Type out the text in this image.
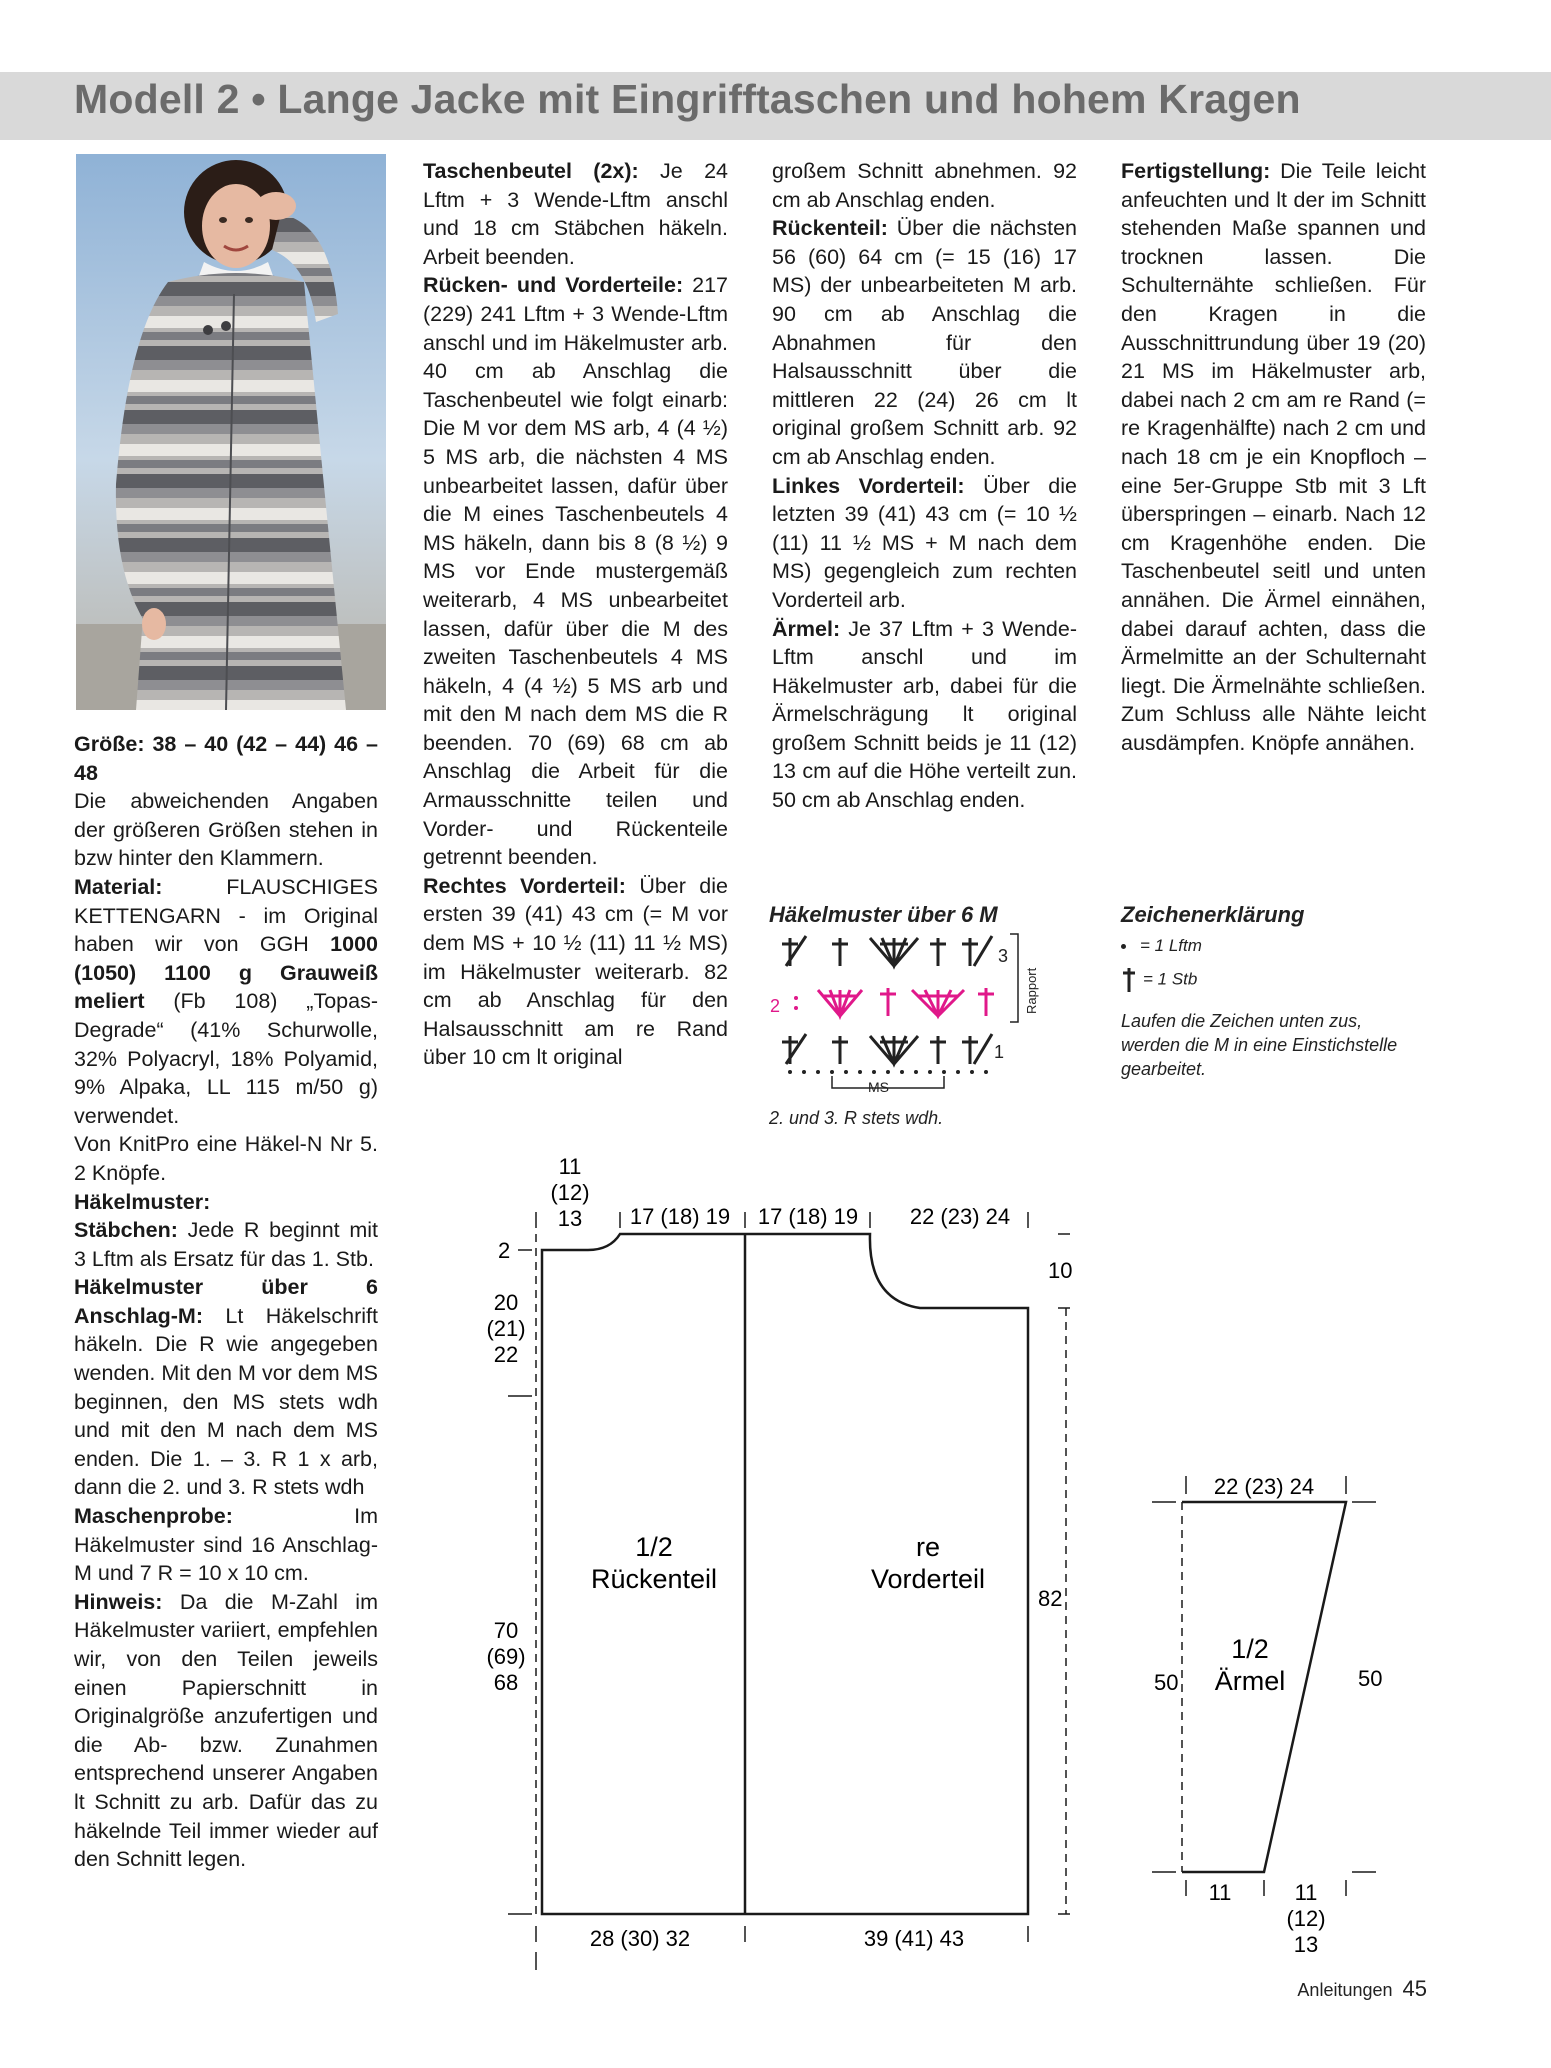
Modell 2 • Lange Jacke mit Eingrifftaschen und hohem Kragen

Größe: 38 – 40 (42 – 44) 46 – 48
Die abweichenden Angaben der größeren Größen stehen in bzw hinter den Klammern.

Material: FLAUSCHIGES KETTENGARN - im Original haben wir von GGH 1000 (1050) 1100 g Grauweiß meliert (Fb 108) „Topas-Degrade“ (41% Schurwolle, 32% Polyacryl, 18% Polyamid, 9% Alpaka, LL 115 m/50 g) verwendet.
Von KnitPro eine Häkel-N Nr 5. 2 Knöpfe.

Häkelmuster:
Stäbchen: Jede R beginnt mit 3 Lftm als Ersatz für das 1. Stb.
Häkelmuster über 6 Anschlag-M: Lt Häkelschrift häkeln. Die R wie angegeben wenden. Mit den M vor dem MS beginnen, den MS stets wdh und mit den M nach dem MS enden. Die 1. – 3. R 1 x arb, dann die 2. und 3. R stets wdh
Maschenprobe: Im Häkelmuster sind 16 Anschlag-M und 7 R = 10 x 10 cm.
Hinweis: Da die M-Zahl im Häkelmuster variiert, empfehlen wir, von den Teilen jeweils einen Papierschnitt in Originalgröße anzufertigen und die Ab- bzw. Zunahmen entsprechend unserer Angaben lt Schnitt zu arb. Dafür das zu häkelnde Teil immer wieder auf den Schnitt legen.

Taschenbeutel (2x): Je 24 Lftm + 3 Wende-Lftm anschl und 18 cm Stäbchen häkeln. Arbeit beenden.
Rücken- und Vorderteile: 217 (229) 241 Lftm + 3 Wende-Lftm anschl und im Häkelmuster arb. 40 cm ab Anschlag die Taschenbeutel wie folgt einarb: Die M vor dem MS arb, 4 (4 ½) 5 MS arb, die nächsten 4 MS unbearbeitet lassen, dafür über die M eines Taschenbeutels 4 MS häkeln, dann bis 8 (8 ½) 9 MS vor Ende mustergemäß weiterarb, 4 MS unbearbeitet lassen, dafür über die M des zweiten Taschenbeutels 4 MS häkeln, 4 (4 ½) 5 MS arb und mit den M nach dem MS die R beenden. 70 (69) 68 cm ab Anschlag die Arbeit für die Armausschnitte teilen und Vorder- und Rückenteile getrennt beenden.
Rechtes Vorderteil: Über die ersten 39 (41) 43 cm (= M vor dem MS + 10 ½ (11) 11 ½ MS) im Häkelmuster weiterarb. 82 cm ab Anschlag für den Halsausschnitt am re Rand über 10 cm lt original

großem Schnitt abnehmen. 92 cm ab Anschlag enden.
Rückenteil: Über die nächsten 56 (60) 64 cm (= 15 (16) 17 MS) der unbearbeiteten M arb. 90 cm ab Anschlag die Abnahmen für den Halsausschnitt über die mittleren 22 (24) 26 cm lt original großem Schnitt arb. 92 cm ab Anschlag enden.
Linkes Vorderteil: Über die letzten 39 (41) 43 cm (= 10 ½ (11) 11 ½ MS + M nach dem MS) gegengleich zum rechten Vorderteil arb.
Ärmel: Je 37 Lftm + 3 Wende-Lftm anschl und im Häkelmuster arb, dabei für die Ärmelschrägung lt original großem Schnitt beids je 11 (12) 13 cm auf die Höhe verteilt zun. 50 cm ab Anschlag enden.

Fertigstellung: Die Teile leicht anfeuchten und lt der im Schnitt stehenden Maße spannen und trocknen lassen. Die Schulternähte schließen. Für den Kragen in die Ausschnittrundung über 19 (20) 21 MS im Häkelmuster arb, dabei nach 2 cm am re Rand (= re Kragenhälfte) nach 2 cm und nach 18 cm je ein Knopfloch – eine 5er-Gruppe Stb mit 3 Lft überspringen – einarb. Nach 12 cm Kragenhöhe enden. Die Taschenbeutel seitl und unten annähen. Die Ärmel einnähen, dabei darauf achten, dass die Ärmelmitte an der Schulternaht liegt. Die Ärmelnähte schließen. Zum Schluss alle Nähte leicht ausdämpfen. Knöpfe annähen.

Häkelmuster über 6 M
3
2
1
MS
Rapport
2. und 3. R stets wdh.
Zeichenerklärung
= 1 Lftm
= 1 Stb
Laufen die Zeichen unten zus, werden die M in eine Einstichstelle gearbeitet.
11
(12)
13 17 (18) 19 17 (18) 19 22 (23) 24
2
10
20
(21)
22
70
(69)
68
82
1/2
Rückenteil
re
Vorderteil
28 (30) 32	39 (41) 43
22 (23) 24
1/2
Ärmel
50	50
11	11
(12)
13
Anleitungen 45
